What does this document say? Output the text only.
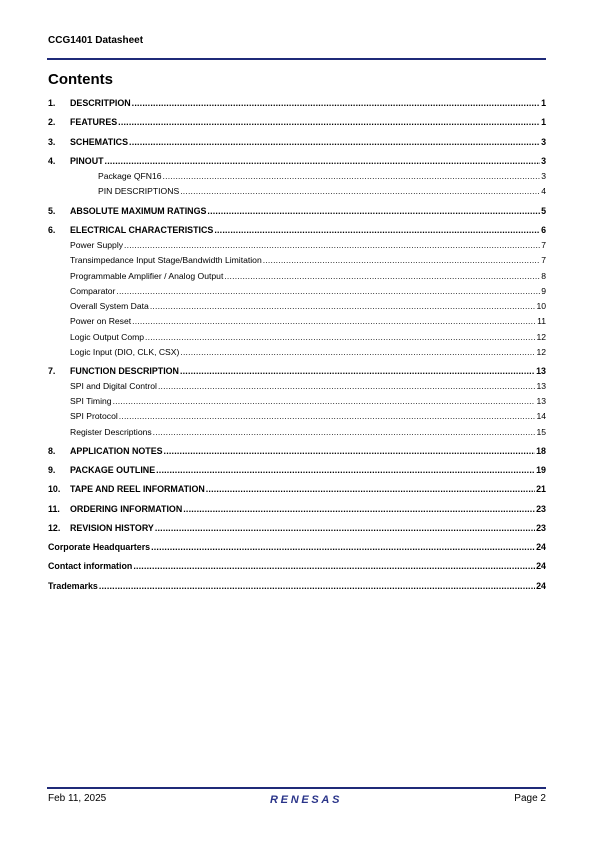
CCG1401 Datasheet
Contents
1.	DESCRITPION .....	1
2.	FEATURES .....	1
3.	SCHEMATICS .....	3
4.	PINOUT .....	3
Package QFN16 .....	3
PIN DESCRIPTIONS .....	4
5.	ABSOLUTE MAXIMUM RATINGS .....	5
6.	ELECTRICAL CHARACTERISTICS .....	6
Power Supply .....	7
Transimpedance Input Stage/Bandwidth Limitation .....	7
Programmable Amplifier / Analog Output .....	8
Comparator .....	9
Overall System Data .....	10
Power on Reset .....	11
Logic Output Comp .....	12
Logic Input (DIO, CLK, CSX) .....	12
7.	FUNCTION DESCRIPTION .....	13
SPI and Digital Control .....	13
SPI Timing .....	13
SPI Protocol .....	14
Register Descriptions .....	15
8.	APPLICATION NOTES .....	18
9.	PACKAGE OUTLINE .....	19
10.	TAPE AND REEL INFORMATION .....	21
11.	ORDERING INFORMATION .....	23
12.	REVISION HISTORY .....	23
Corporate Headquarters .....	24
Contact information .....	24
Trademarks .....	24
Feb 11, 2025	RENESAS	Page 2
